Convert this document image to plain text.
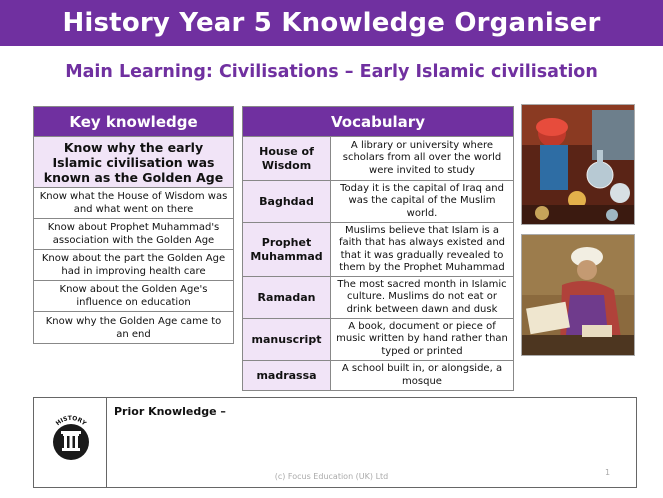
History Year 5 Knowledge Organiser
Main Learning: Civilisations – Early Islamic civilisation
Key knowledge
Know why the early Islamic civilisation was known as the Golden Age
Know what the House of Wisdom was and what went on there
Know about Prophet Muhammad's association with the Golden Age
Know about the part the Golden Age had in improving health care
Know about the Golden Age's influence on education
Know why the Golden Age came to an end
Vocabulary
House of Wisdom
A library or university where scholars from all over the world were invited to study
Baghdad
Today it is the capital of Iraq and was the capital of the Muslim world.
Prophet Muhammad
Muslims believe that Islam is a faith that has always existed and that it was gradually revealed to them by the Prophet Muhammad
Ramadan
The most sacred month in Islamic culture. Muslims do not eat or drink between dawn and dusk
manuscript
A book, document or piece of music written by hand rather than typed or printed
madrassa	A school built in, or alongside, a mosque
HISTORY
Prior Knowledge –
(c) Focus Education (UK) Ltd	1
